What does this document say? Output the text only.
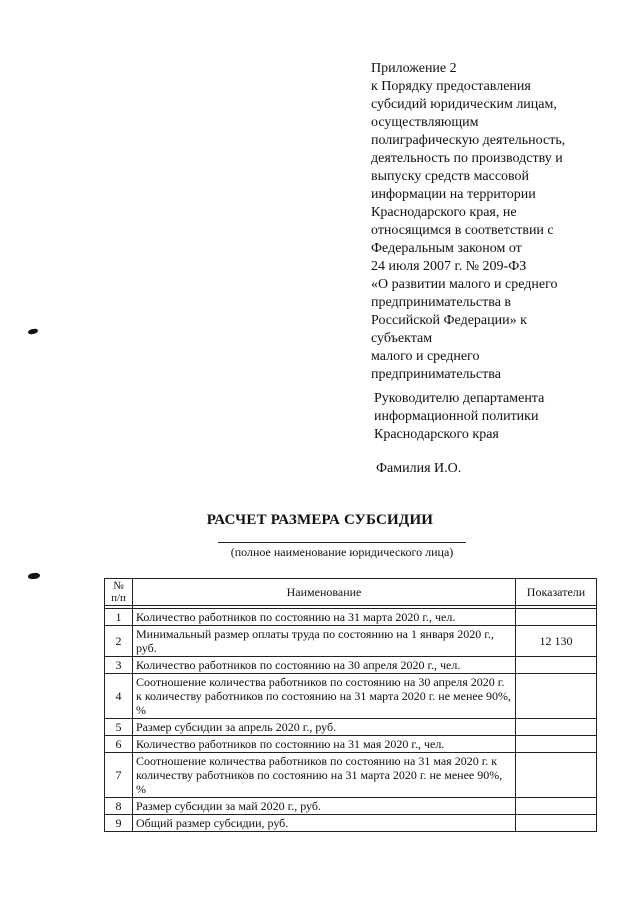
Приложение 2
к Порядку предоставления
субсидий юридическим лицам,
осуществляющим
полиграфическую деятельность,
деятельность по производству и
выпуску средств массовой
информации на территории
Краснодарского края, не
относящимся в соответствии с
Федеральным законом от
24 июля 2007 г. № 209-ФЗ
«О развитии малого и среднего
предпринимательства в
Российской Федерации» к
субъектам
малого и среднего
предпринимательства
Руководителю департамента
информационной политики
Краснодарского края
Фамилия И.О.
РАСЧЕТ РАЗМЕРА СУБСИДИИ
(полное наименование юридического лица)
№ п/п	Наименование	Показатели

1	Количество работников по состоянию на 31 марта 2020 г., чел.	
2	Минимальный размер оплаты труда по состоянию на 1 января 2020 г., руб.	12 130
3	Количество работников по состоянию на 30 апреля 2020 г., чел.	
4	Соотношение количества работников по состоянию на 30 апреля 2020 г. к количеству работников по состоянию на 31 марта 2020 г. не менее 90%, %	
5	Размер субсидии за апрель 2020 г., руб.	
6	Количество работников по состоянию на 31 мая 2020 г., чел.	
7	Соотношение количества работников по состоянию на 31 мая 2020 г. к количеству работников по состоянию на 31 марта 2020 г. не менее 90%, %	
8	Размер субсидии за май 2020 г., руб.	
9	Общий размер субсидии, руб.	
